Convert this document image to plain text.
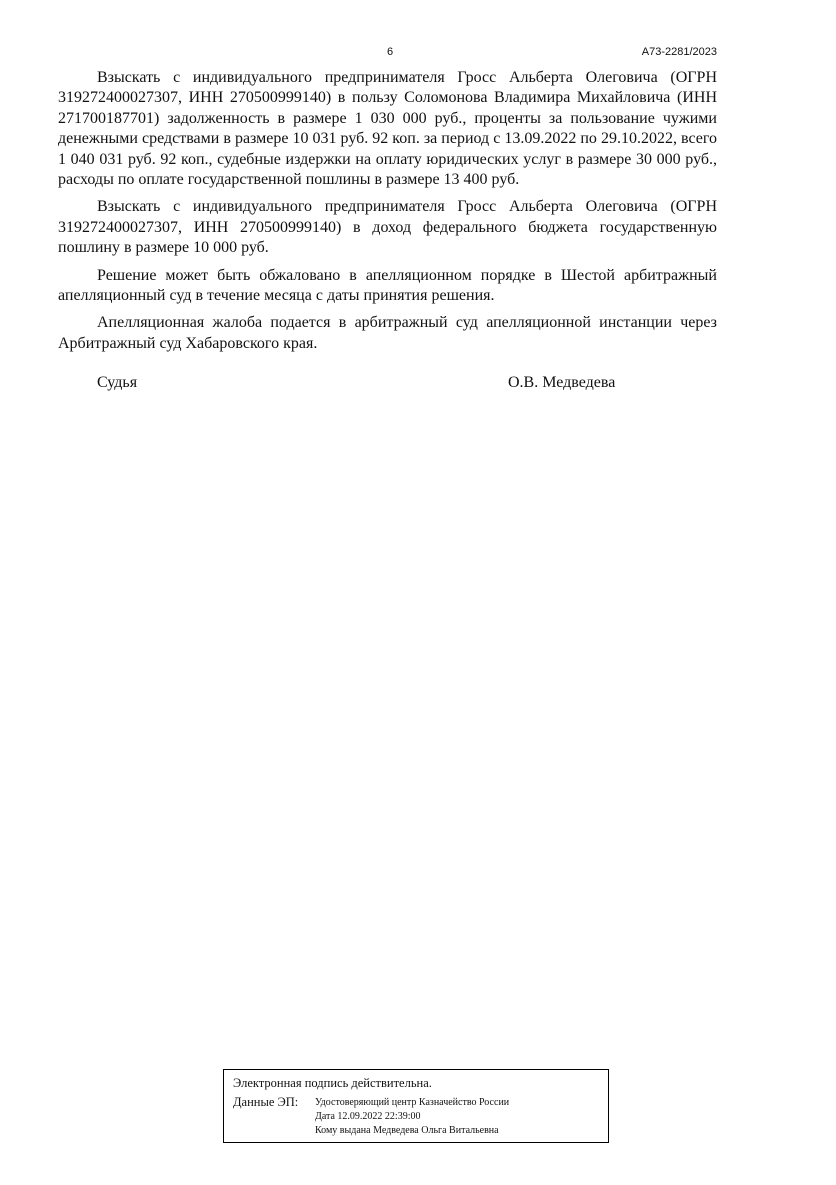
6	А73-2281/2023

Взыскать с индивидуального предпринимателя Гросс Альберта Олеговича (ОГРН 319272400027307, ИНН 270500999140) в пользу Соломонова Владимира Михайловича (ИНН 271700187701) задолженность в размере 1 030 000 руб., проценты за пользование чужими денежными средствами в размере 10 031 руб. 92 коп. за период с 13.09.2022 по 29.10.2022, всего 1 040 031 руб. 92 коп., судебные издержки на оплату юридических услуг в размере 30 000 руб., расходы по оплате государственной пошлины в размере 13 400 руб.

Взыскать с индивидуального предпринимателя Гросс Альберта Олеговича (ОГРН 319272400027307, ИНН 270500999140) в доход федерального бюджета государственную пошлину в размере 10 000 руб.

Решение может быть обжаловано в апелляционном порядке в Шестой арбитражный апелляционный суд в течение месяца с даты принятия решения.

Апелляционная жалоба подается в арбитражный суд апелляционной инстанции через Арбитражный суд Хабаровского края.

Судья	О.В. Медведева
Электронная подпись действительна.
Данные ЭП: Удостоверяющий центр Казначейство России
Дата 12.09.2022 22:39:00
Кому выдана Медведева Ольга Витальевна
